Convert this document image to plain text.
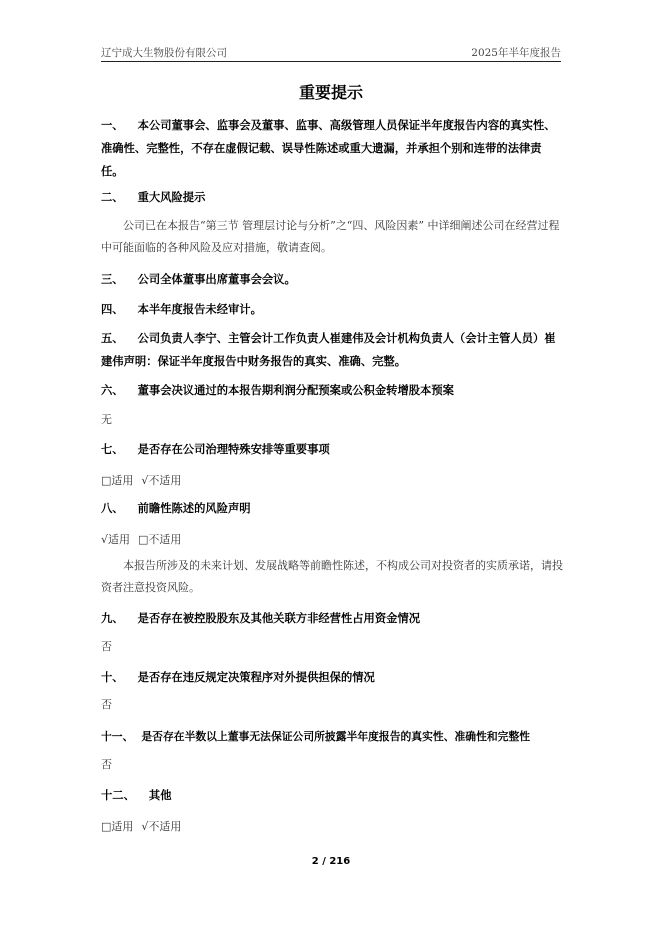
辽宁成大生物股份有限公司	2025年半年度报告
重要提示
一、 本公司董事会、监事会及董事、监事、高级管理人员保证半年度报告内容的真实性、准确性、完整性，不存在虚假记载、误导性陈述或重大遗漏，并承担个别和连带的法律责任。
二、 重大风险提示
公司已在本报告“第三节 管理层讨论与分析”之“四、风险因素” 中详细阐述公司在经营过程中可能面临的各种风险及应对措施，敬请查阅。
三、 公司全体董事出席董事会会议。
四、 本半年度报告未经审计。
五、 公司负责人李宁、主管会计工作负责人崔建伟及会计机构负责人（会计主管人员）崔建伟声明：保证半年度报告中财务报告的真实、准确、完整。
六、 董事会决议通过的本报告期利润分配预案或公积金转增股本预案
无
七、 是否存在公司治理特殊安排等重要事项
□适用 √不适用
八、 前瞻性陈述的风险声明
√适用 □不适用
本报告所涉及的未来计划、发展战略等前瞻性陈述，不构成公司对投资者的实质承诺，请投资者注意投资风险。
九、 是否存在被控股股东及其他关联方非经营性占用资金情况
否
十、 是否存在违反规定决策程序对外提供担保的情况
否
十一、 是否存在半数以上董事无法保证公司所披露半年度报告的真实性、准确性和完整性
否
十二、 其他
□适用 √不适用
2 / 216
